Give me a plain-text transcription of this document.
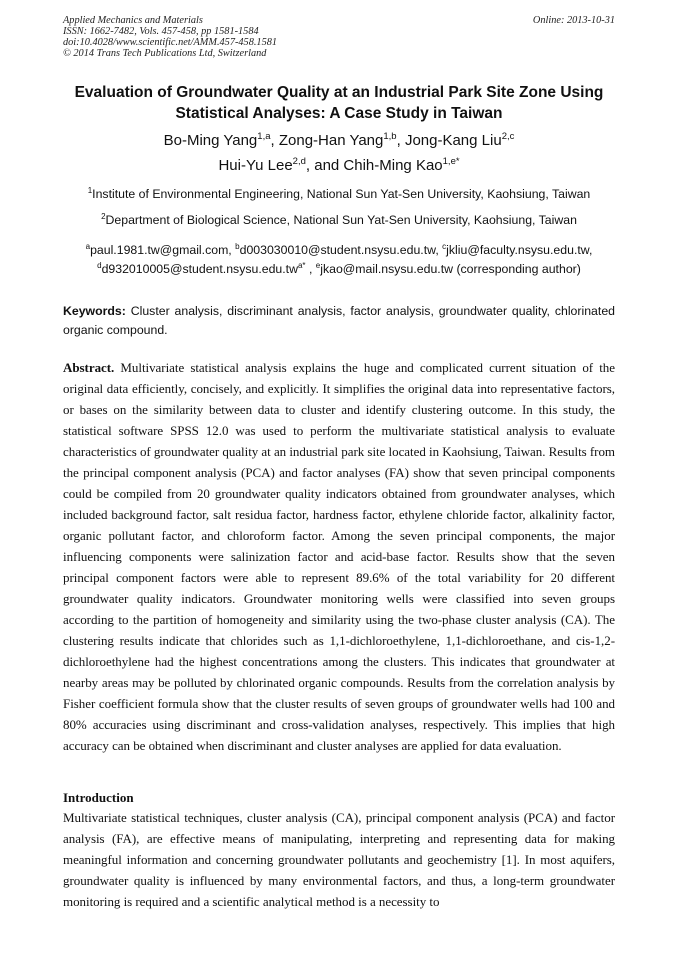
Applied Mechanics and Materials
ISSN: 1662-7482, Vols. 457-458, pp 1581-1584
doi:10.4028/www.scientific.net/AMM.457-458.1581
© 2014 Trans Tech Publications Ltd, Switzerland
Online: 2013-10-31
Evaluation of Groundwater Quality at an Industrial Park Site Zone Using Statistical Analyses: A Case Study in Taiwan
Bo-Ming Yang$^{1,a}$, Zong-Han Yang$^{1,b}$, Jong-Kang Liu$^{2,c}$
Hui-Yu Lee$^{2,d}$, and Chih-Ming Kao$^{1,e*}$
$^1$Institute of Environmental Engineering, National Sun Yat-Sen University, Kaohsiung, Taiwan
$^2$Department of Biological Science, National Sun Yat-Sen University, Kaohsiung, Taiwan
$^a$paul.1981.tw@gmail.com, $^b$d003030010@student.nsysu.edu.tw, $^c$jkliu@faculty.nsysu.edu.tw,
$^dd932010005@student.nsysu.edu.tw^{a*}$ , $^e$jkao@mail.nsysu.edu.tw (corresponding author)
Keywords: Cluster analysis, discriminant analysis, factor analysis, groundwater quality, chlorinated organic compound.
Abstract. Multivariate statistical analysis explains the huge and complicated current situation of the original data efficiently, concisely, and explicitly. It simplifies the original data into representative factors, or bases on the similarity between data to cluster and identify clustering outcome. In this study, the statistical software SPSS 12.0 was used to perform the multivariate statistical analysis to evaluate characteristics of groundwater quality at an industrial park site located in Kaohsiung, Taiwan. Results from the principal component analysis (PCA) and factor analyses (FA) show that seven principal components could be compiled from 20 groundwater quality indicators obtained from groundwater analyses, which included background factor, salt residua factor, hardness factor, ethylene chloride factor, alkalinity factor, organic pollutant factor, and chloroform factor. Among the seven principal components, the major influencing components were salinization factor and acid-base factor. Results show that the seven principal component factors were able to represent 89.6% of the total variability for 20 different groundwater quality indicators. Groundwater monitoring wells were classified into seven groups according to the partition of homogeneity and similarity using the two-phase cluster analysis (CA). The clustering results indicate that chlorides such as 1,1-dichloroethylene, 1,1-dichloroethane, and cis-1,2-dichloroethylene had the highest concentrations among the clusters. This indicates that groundwater at nearby areas may be polluted by chlorinated organic compounds. Results from the correlation analysis by Fisher coefficient formula show that the cluster results of seven groups of groundwater wells had 100 and 80% accuracies using discriminant and cross-validation analyses, respectively. This implies that high accuracy can be obtained when discriminant and cluster analyses are applied for data evaluation.
Introduction
Multivariate statistical techniques, cluster analysis (CA), principal component analysis (PCA) and factor analysis (FA), are effective means of manipulating, interpreting and representing data for making meaningful information and concerning groundwater pollutants and geochemistry [1]. In most aquifers, groundwater quality is influenced by many environmental factors, and thus, a long-term groundwater monitoring is required and a scientific analytical method is a necessity to
